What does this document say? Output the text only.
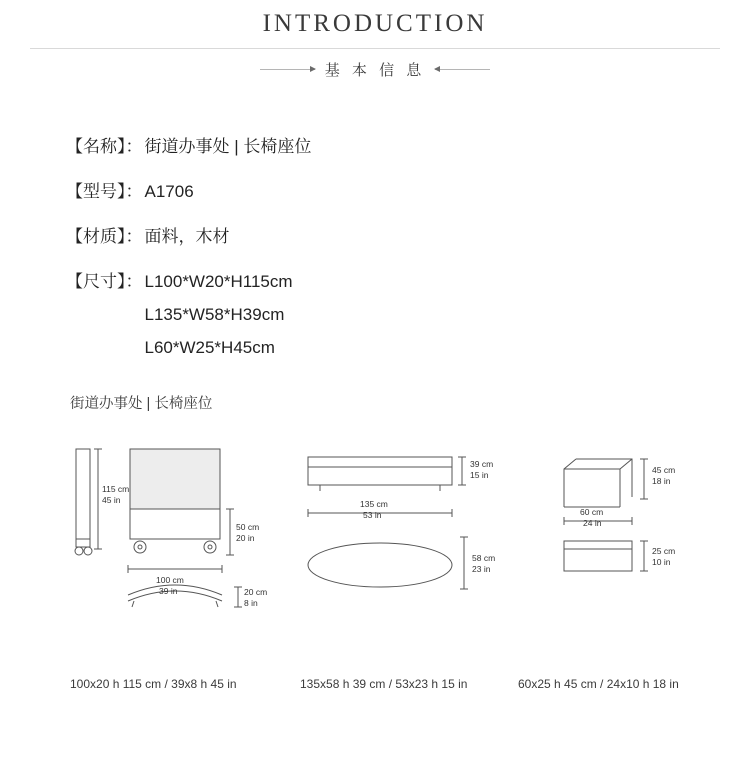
INTRODUCTION
基 本 信 息
【名称】： 街道办事处 | 长椅座位
【型号】： A1706
【材质】： 面料，木材
【尺寸】： L100*W20*H115cm
L135*W58*H39cm
L60*W25*H45cm
街道办事处 | 长椅座位
115 cm
45 in
50 cm
20 in
100 cm
39 in	20 cm
8 in
39 cm
15 in
135 cm
53 in
58 cm
23 in
45 cm
18 in
60 cm
24 in
25 cm
10 in
100x20 h 115 cm / 39x8 h 45 in	135x58 h 39 cm / 53x23 h 15 in	60x25 h 45 cm / 24x10 h 18 in
